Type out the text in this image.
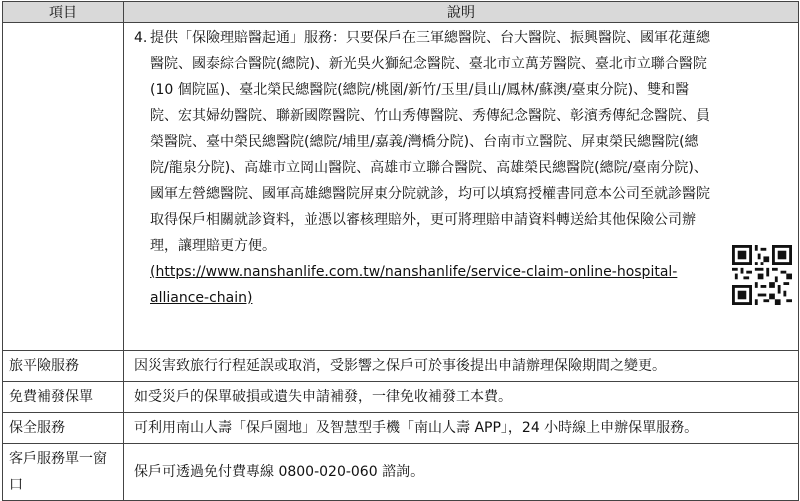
項目	說明

	4. 提供「保險理賠醫起通」服務：只要保戶在三軍總醫院、台大醫院、振興醫院、國軍花蓮總醫院、國泰綜合醫院(總院)、新光吳火獅紀念醫院、臺北市立萬芳醫院、臺北市立聯合醫院(10 個院區)、臺北榮民總醫院(總院/桃園/新竹/玉里/員山/鳳林/蘇澳/臺東分院)、雙和醫院、宏其婦幼醫院、聯新國際醫院、竹山秀傳醫院、秀傳紀念醫院、彰濱秀傳紀念醫院、員榮醫院、臺中榮民總醫院(總院/埔里/嘉義/灣橋分院)、台南市立醫院、屏東榮民總醫院(總院/龍泉分院)、高雄市立岡山醫院、高雄市立聯合醫院、高雄榮民總醫院(總院/臺南分院)、國軍左營總醫院、國軍高雄總醫院屏東分院就診，均可以填寫授權書同意本公司至就診醫院取得保戶相關就診資料，並憑以審核理賠外，更可將理賠申請資料轉送給其他保險公司辦理，讓理賠更方便。
(https://www.nanshanlife.com.tw/nanshanlife/service-claim-online-hospital-alliance-chain)

旅平險服務	因災害致旅行行程延誤或取消，受影響之保戶可於事後提出申請辦理保險期間之變更。
免費補發保單	如受災戶的保單破損或遺失申請補發，一律免收補發工本費。
保全服務	可利用南山人壽「保戶園地」及智慧型手機「南山人壽 APP」，24 小時線上申辦保單服務。
客戶服務單一窗口	保戶可透過免付費專線 0800-020-060 諮詢。
